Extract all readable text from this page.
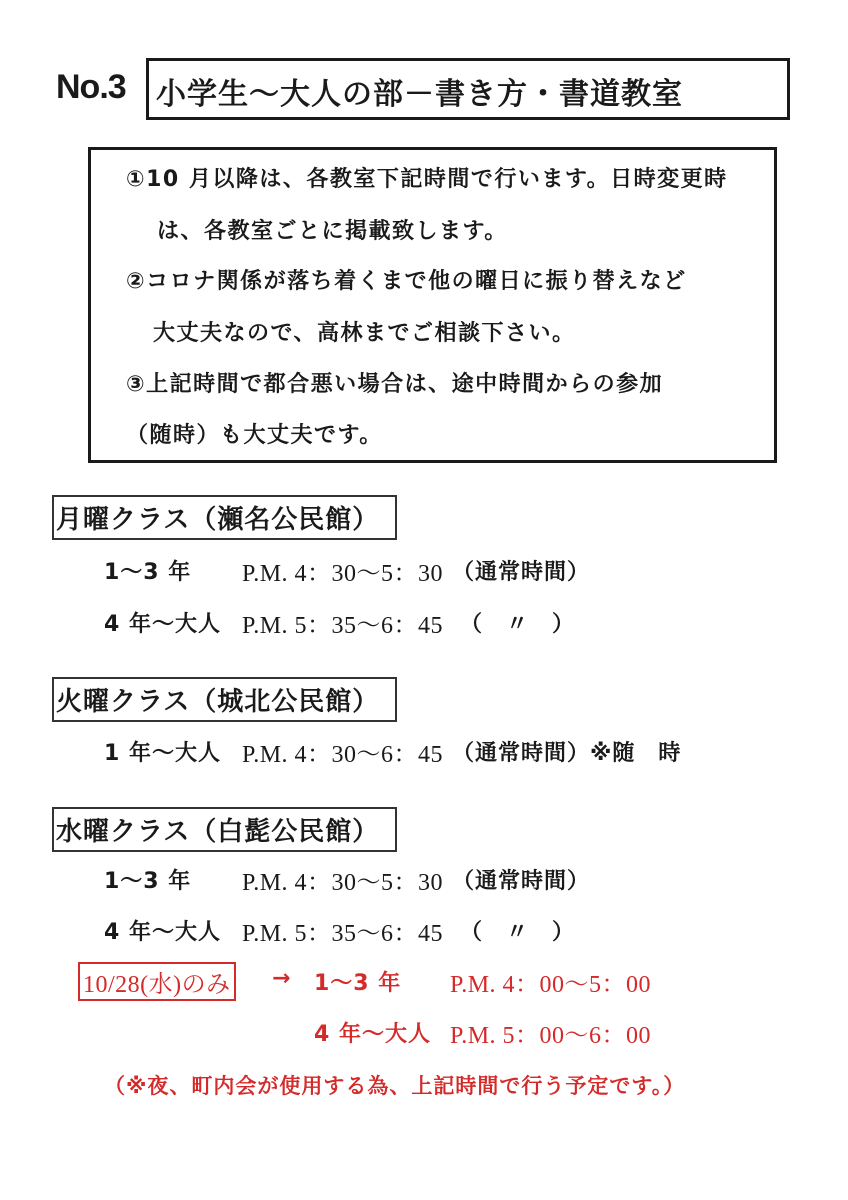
No.3 小学生～大人の部－書き方・書道教室
①10 月以降は、各教室下記時間で行います。日時変更時
は、各教室ごとに掲載致します。
②コロナ関係が落ち着くまで他の曜日に振り替えなど
大丈夫なので、高林までご相談下さい。
③上記時間で都合悪い場合は、途中時間からの参加
（随時）も大丈夫です。
月曜クラス（瀬名公民館）
1～3 年 P.M. 4：30～5：30 （通常時間）
4 年～大人 P.M. 5：35～6：45 （　〃　）
火曜クラス（城北公民館）
1 年～大人 P.M. 4：30～6：45 （通常時間）※随　時
水曜クラス（白髭公民館）
1～3 年 P.M. 4：30～5：30 （通常時間）
4 年～大人 P.M. 5：35～6：45 （　〃　）
10/28(水)のみ → 1～3 年 P.M. 4：00～5：00
4 年～大人 P.M. 5：00～6：00
（※夜、町内会が使用する為、上記時間で行う予定です。）
